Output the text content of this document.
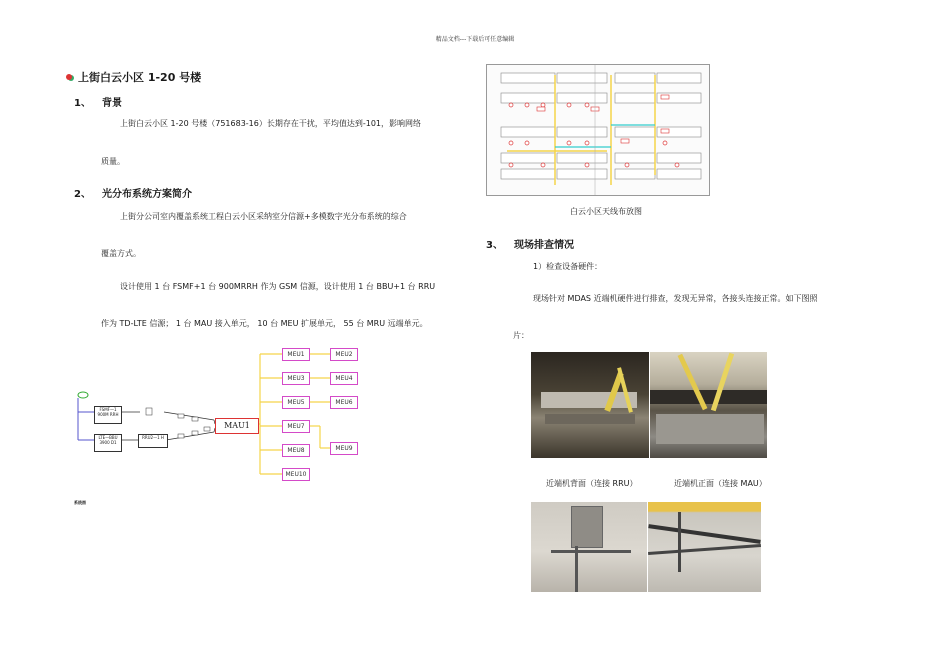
精品文档---下载后可任意编辑
上街白云小区 1-20 号楼
1、	背景
上街白云小区 1-20 号楼（751683-16）长期存在干扰，平均值达到-101，影响网络
质量。
2、	光分布系统方案简介
上街分公司室内覆盖系统工程白云小区采纳室分信源+多模数字光分布系统的综合
覆盖方式。
设计使用 1 台 FSMF+1 台 900MRRH 作为 GSM 信源，设计使用 1 台 BBU+1 台 RRU
作为 TD-LTE 信源； 1 台 MAU 接入单元， 10 台 MEU 扩展单元， 55 台 MRU 远端单元。
FSMF—1 900M RRH
LTE—BBU 3900 D1
RRU2—1 H
MAU1
MEU1	MEU2
MEU3	MEU4
MEU5	MEU6
MEU7
MEU9
MEU8
MEU10
系统图
白云小区天线布放图
3、	现场排查情况
1）检查设备硬件：
现场针对 MDAS 近端机硬件进行排查，发现无异常，各接头连接正常。如下图照
片：
近端机背面（连接 RRU）	近端机正面（连接 MAU）
